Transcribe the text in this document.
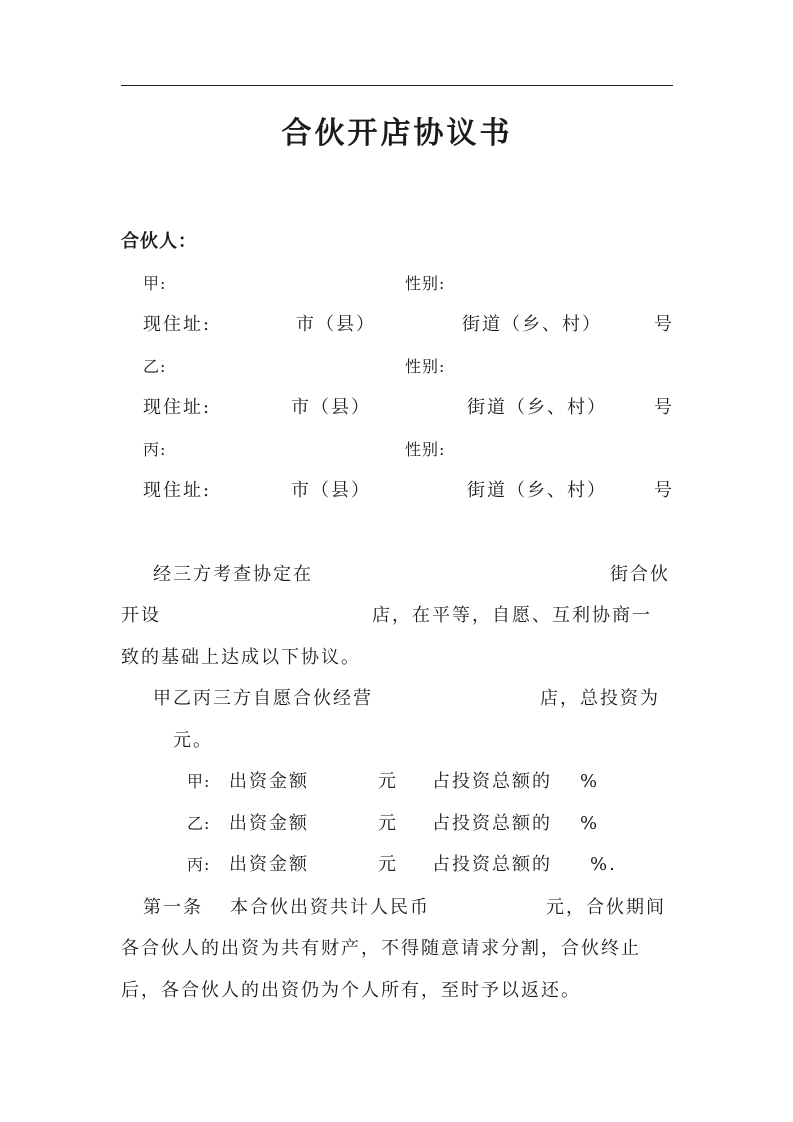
合伙开店协议书
合伙人：
甲:	性别:
现住址:	市（县）	街道（乡、村）	号
乙:	性别:
现住址:	市（县）	街道（乡、村）	号
丙:	性别:
现住址:	市（县）	街道（乡、村）	号
经三方考查协定在	街合伙
开设	店，在平等，自愿、互利协商一
致的基础上达成以下协议。
甲乙丙三方自愿合伙经营	店，总投资为
元。
甲: 出资金额	元 占投资总额的 %
乙: 出资金额	元 占投资总额的 %
丙: 出资金额	元 占投资总额的 %.
第一条 本合伙出资共计人民币	元，合伙期间
各合伙人的出资为共有财产，不得随意请求分割，合伙终止
后，各合伙人的出资仍为个人所有，至时予以返还。
